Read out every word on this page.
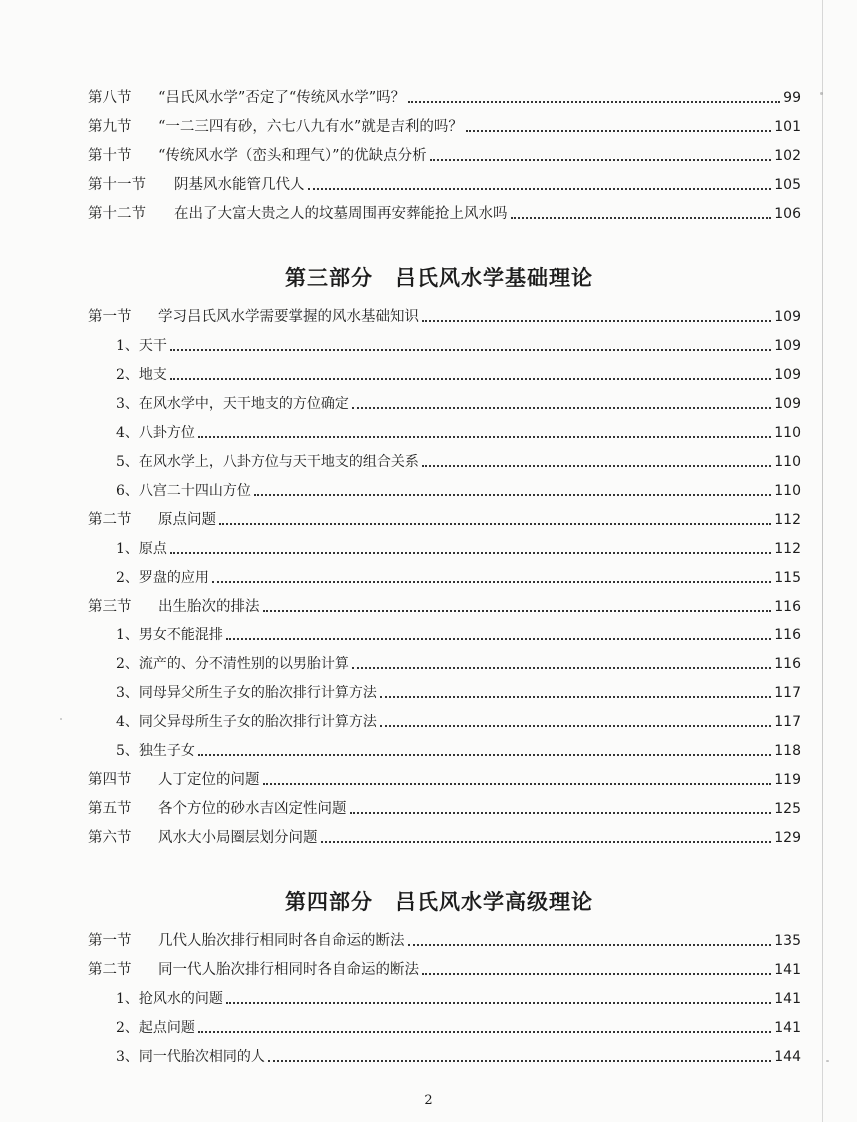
第八节 “吕氏风水学”否定了“传统风水学”吗？	99
第九节 “一二三四有砂，六七八九有水”就是吉利的吗？	101
第十节 “传统风水学（峦头和理气）”的优缺点分析	102
第十一节 阴基风水能管几代人	105
第十二节 在出了大富大贵之人的坟墓周围再安葬能抢上风水吗	106
第三部分　吕氏风水学基础理论
第一节 学习吕氏风水学需要掌握的风水基础知识	109
1、天干	109
2、地支	109
3、在风水学中，天干地支的方位确定	109
4、八卦方位	110
5、在风水学上，八卦方位与天干地支的组合关系	110
6、八宫二十四山方位	110
第二节 原点问题	112
1、原点	112
2、罗盘的应用	115
第三节 出生胎次的排法	116
1、男女不能混排	116
2、流产的、分不清性别的以男胎计算	116
3、同母异父所生子女的胎次排行计算方法	117
4、同父异母所生子女的胎次排行计算方法	117
5、独生子女	118
第四节 人丁定位的问题	119
第五节 各个方位的砂水吉凶定性问题	125
第六节 风水大小局圈层划分问题	129
第四部分　吕氏风水学高级理论
第一节 几代人胎次排行相同时各自命运的断法	135
第二节 同一代人胎次排行相同时各自命运的断法	141
1、抢风水的问题	141
2、起点问题	141
3、同一代胎次相同的人	144
2
